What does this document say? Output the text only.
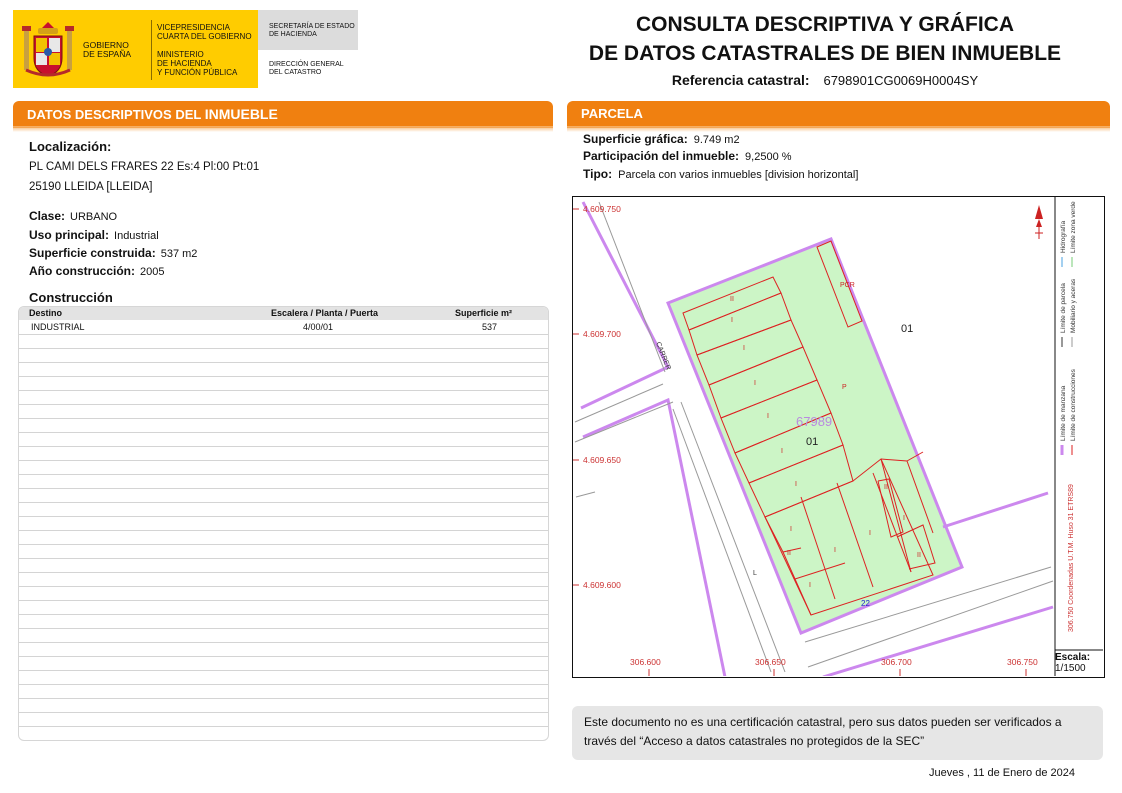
GOBIERNO
DE ESPAÑA
VICEPRESIDENCIA
CUARTA DEL GOBIERNO
MINISTERIO
DE HACIENDA
Y FUNCIÓN PÚBLICA
SECRETARÍA DE ESTADO
DE HACIENDA
DIRECCIÓN GENERAL
DEL CATASTRO
CONSULTA DESCRIPTIVA Y GRÁFICA
DE DATOS CATASTRALES DE BIEN INMUEBLE
Referencia catastral: 6798901CG0069H0004SY
DATOS DESCRIPTIVOS DEL INMUEBLE
Localización:
PL CAMI DELS FRARES 22 Es:4 Pl:00 Pt:01
25190 LLEIDA [LLEIDA]
Clase: URBANO
Uso principal: Industrial
Superficie construida: 537 m2
Año construcción: 2005
Construcción
Destino	Escalera / Planta / Puerta	Superficie m²
INDUSTRIAL	4/00/01	537
PARCELA
Superficie gráfica: 9.749 m2
Participación del inmueble: 9,2500 %
Tipo: Parcela con varios inmuebles [division horizontal]
II
I
I
I
I
I
I
PCR
P
I
II	I
I
II
I
II
I
67989
01
01
22
CARRER
L
4.609.750
4.609.700
4.609.650
4.609.600
306.600	306.650	306.700	306.750
Límite de parcela
Hidrografía
Límite de manzana
Mobiliario y aceras
Límite de construcciones
Límite zona verde
306.750 Coordenadas U.T.M. Huso 31 ETRS89
Escala:
1/1500
Este documento no es una certificación catastral, pero sus datos pueden ser verificados a través del “Acceso a datos catastrales no protegidos de la SEC”
Jueves , 11 de Enero de 2024
